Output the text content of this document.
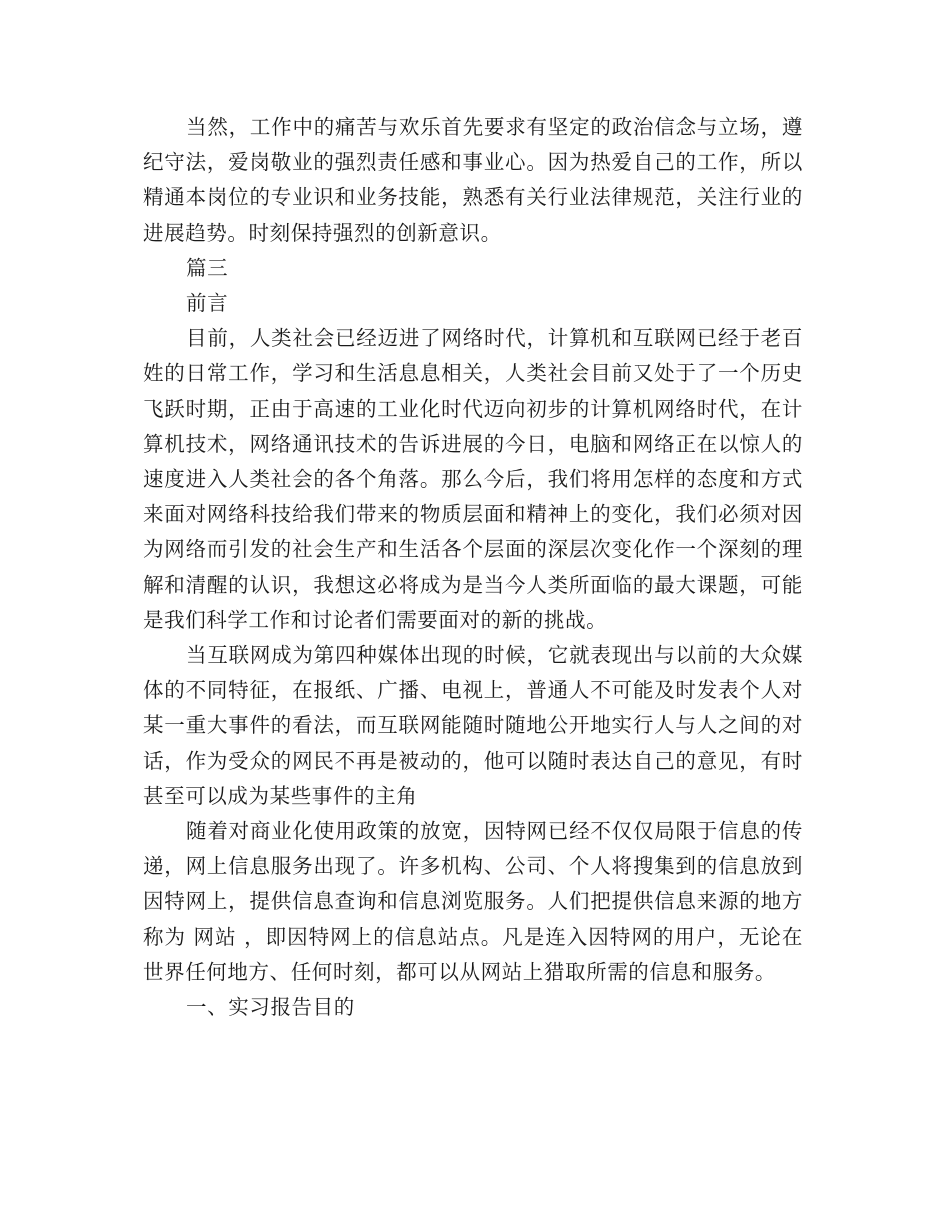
当然，工作中的痛苦与欢乐首先要求有坚定的政治信念与立场，遵纪守法，爱岗敬业的强烈责任感和事业心。因为热爱自己的工作，所以精通本岗位的专业识和业务技能，熟悉有关行业法律规范，关注行业的进展趋势。时刻保持强烈的创新意识。

篇三

前言

目前，人类社会已经迈进了网络时代，计算机和互联网已经于老百姓的日常工作，学习和生活息息相关，人类社会目前又处于了一个历史飞跃时期，正由于高速的工业化时代迈向初步的计算机网络时代，在计算机技术，网络通讯技术的告诉进展的今日，电脑和网络正在以惊人的速度进入人类社会的各个角落。那么今后，我们将用怎样的态度和方式来面对网络科技给我们带来的物质层面和精神上的变化，我们必须对因为网络而引发的社会生产和生活各个层面的深层次变化作一个深刻的理解和清醒的认识，我想这必将成为是当今人类所面临的最大课题，可能是我们科学工作和讨论者们需要面对的新的挑战。

当互联网成为第四种媒体出现的时候，它就表现出与以前的大众媒体的不同特征，在报纸、广播、电视上，普通人不可能及时发表个人对某一重大事件的看法，而互联网能随时随地公开地实行人与人之间的对话，作为受众的网民不再是被动的，他可以随时表达自己的意见，有时甚至可以成为某些事件的主角

随着对商业化使用政策的放宽，因特网已经不仅仅局限于信息的传递，网上信息服务出现了。许多机构、公司、个人将搜集到的信息放到因特网上，提供信息查询和信息浏览服务。人们把提供信息来源的地方称为 网站 ，即因特网上的信息站点。凡是连入因特网的用户，无论在世界任何地方、任何时刻，都可以从网站上猎取所需的信息和服务。

一、实习报告目的
